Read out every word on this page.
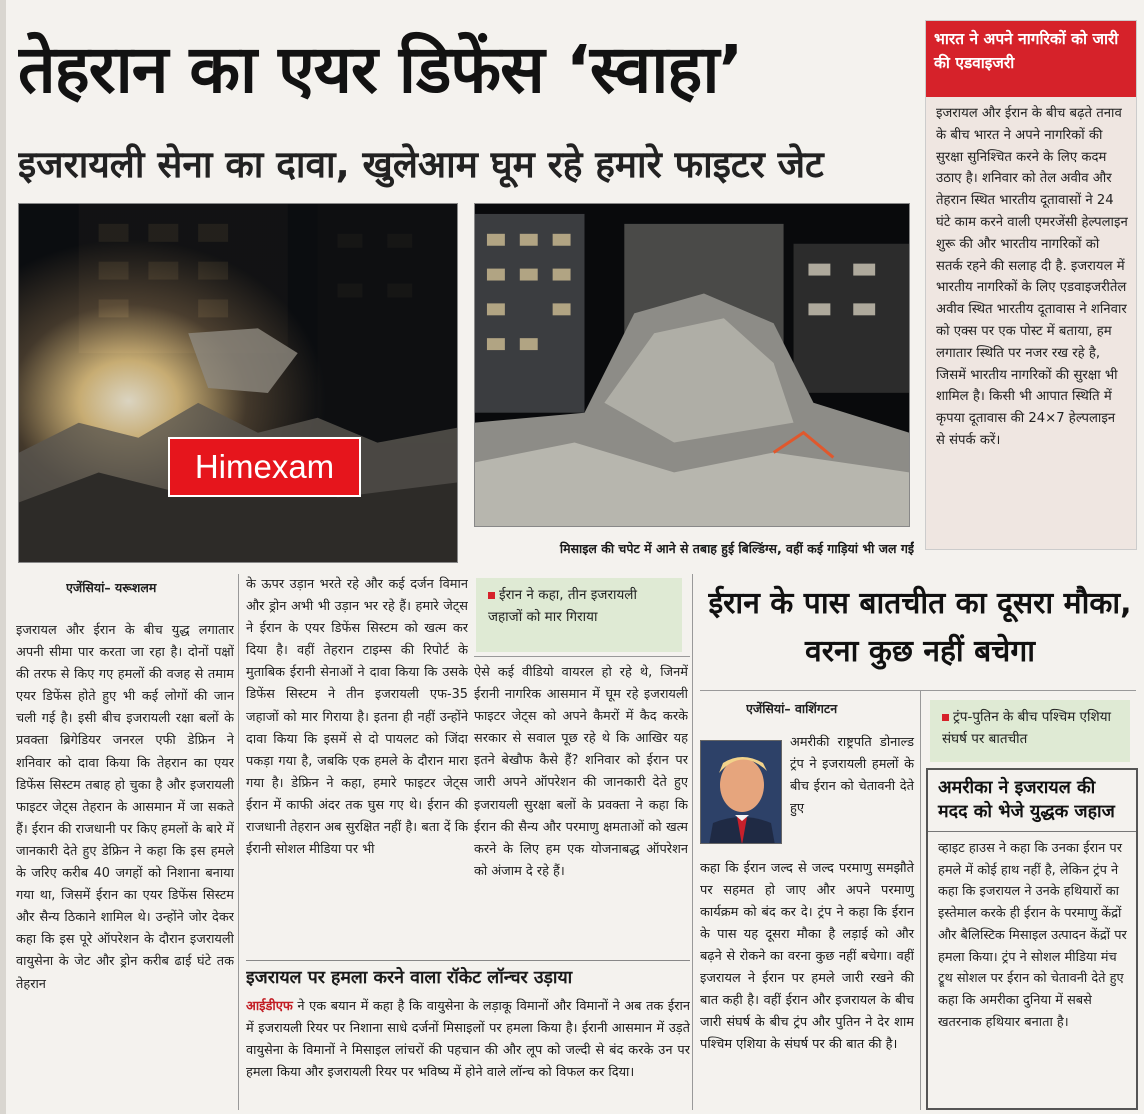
तेहरान का एयर डिफेंस ‘स्वाहा’
इजरायली सेना का दावा, खुलेआम घूम रहे हमारे फाइटर जेट
Himexam
मिसाइल की चपेट में आने से तबाह हुई बिल्डिंग्स, वहीं कई गाड़ियां भी जल गईं
भारत ने अपने नागरिकों को जारी की एडवाइजरी
इजरायल और ईरान के बीच बढ़ते तनाव के बीच भारत ने अपने नागरिकों की सुरक्षा सुनिश्चित करने के लिए कदम उठाए है। शनिवार को तेल अवीव और तेहरान स्थित भारतीय दूतावासों ने 24 घंटे काम करने वाली एमरजेंसी हेल्पलाइन शुरू की और भारतीय नागरिकों को सतर्क रहने की सलाह दी है. इजरायल में भारतीय नागरिकों के लिए एडवाइजरीतेल अवीव स्थित भारतीय दूतावास ने शनिवार को एक्स पर एक पोस्ट में बताया, हम लगातार स्थिति पर नजर रख रहे है, जिसमें भारतीय नागरिकों की सुरक्षा भी शामिल है। किसी भी आपात स्थिति में कृपया दूतावास की 24×7 हेल्पलाइन से संपर्क करें।
एजेंसियां– यरूशलम
इजरायल और ईरान के बीच युद्ध लगातार अपनी सीमा पार करता जा रहा है। दोनों पक्षों की तरफ से किए गए हमलों की वजह से तमाम एयर डिफेंस होते हुए भी कई लोगों की जान चली गई है। इसी बीच इजरायली रक्षा बलों के प्रवक्ता ब्रिगेडियर जनरल एफी डेफ्रिन ने शनिवार को दावा किया कि तेहरान का एयर डिफेंस सिस्टम तबाह हो चुका है और इजरायली फाइटर जेट्स तेहरान के आसमान में जा सकते हैं। ईरान की राजधानी पर किए हमलों के बारे में जानकारी देते हुए डेफ्रिन ने कहा कि इस हमले के जरिए करीब 40 जगहों को निशाना बनाया गया था, जिसमें ईरान का एयर डिफेंस सिस्टम और सैन्य ठिकाने शामिल थे। उन्होंने जोर देकर कहा कि इस पूरे ऑपरेशन के दौरान इजरायली वायुसेना के जेट और ड्रोन करीब ढाई घंटे तक तेहरान
के ऊपर उड़ान भरते रहे और कई दर्जन विमान और ड्रोन अभी भी उड़ान भर रहे हैं। हमारे जेट्स ने ईरान के एयर डिफेंस सिस्टम को खत्म कर दिया है। वहीं तेहरान टाइम्स की रिपोर्ट के मुताबिक ईरानी सेनाओं ने दावा किया कि उसके डिफेंस सिस्टम ने तीन इजरायली एफ-35 जहाजों को मार गिराया है। इतना ही नहीं उन्होंने दावा किया कि इसमें से दो पायलट को जिंदा पकड़ा गया है, जबकि एक हमले के दौरान मारा गया है। डेफ्रिन ने कहा, हमारे फाइटर जेट्स ईरान में काफी अंदर तक घुस गए थे। ईरान की राजधानी तेहरान अब सुरक्षित नहीं है। बता दें कि ईरानी सोशल मीडिया पर भी
ईरान ने कहा, तीन इजरायली जहाजों को मार गिराया
ऐसे कई वीडियो वायरल हो रहे थे, जिनमें ईरानी नागरिक आसमान में घूम रहे इजरायली फाइटर जेट्स को अपने कैमरों में कैद करके सरकार से सवाल पूछ रहे थे कि आखिर यह इतने बेखौफ कैसे हैं? शनिवार को ईरान पर जारी अपने ऑपरेशन की जानकारी देते हुए इजरायली सुरक्षा बलों के प्रवक्ता ने कहा कि ईरान की सैन्य और परमाणु क्षमताओं को खत्म करने के लिए हम एक योजनाबद्ध ऑपरेशन को अंजाम दे रहे हैं।
इजरायल पर हमला करने वाला रॉकेट लॉन्चर उड़ाया
आईडीएफ ने एक बयान में कहा है कि वायुसेना के लड़ाकू विमानों और विमानों ने अब तक ईरान में इजरायली रियर पर निशाना साधे दर्जनों मिसाइलों पर हमला किया है। ईरानी आसमान में उड़ते वायुसेना के विमानों ने मिसाइल लांचरों की पहचान की और लूप को जल्दी से बंद करके उन पर हमला किया और इजरायली रियर पर भविष्य में होने वाले लॉन्च को विफल कर दिया।
ईरान के पास बातचीत का दूसरा मौका, वरना कुछ नहीं बचेगा
एजेंसियां– वाशिंगटन
अमरीकी राष्ट्रपति डोनाल्ड ट्रंप ने इजरायली हमलों के बीच ईरान को चेतावनी देते हुए
कहा कि ईरान जल्द से जल्द परमाणु समझौते पर सहमत हो जाए और अपने परमाणु कार्यक्रम को बंद कर दे। ट्रंप ने कहा कि ईरान के पास यह दूसरा मौका है लड़ाई को और बढ़ने से रोकने का वरना कुछ नहीं बचेगा। वहीं इजरायल ने ईरान पर हमले जारी रखने की बात कही है। वहीं ईरान और इजरायल के बीच जारी संघर्ष के बीच ट्रंप और पुतिन ने देर शाम पश्चिम एशिया के संघर्ष पर की बात की है।
ट्रंप-पुतिन के बीच पश्चिम एशिया संघर्ष पर बातचीत
अमरीका ने इजरायल की मदद को भेजे युद्धक जहाज
व्हाइट हाउस ने कहा कि उनका ईरान पर हमले में कोई हाथ नहीं है, लेकिन ट्रंप ने कहा कि इजरायल ने उनके हथियारों का इस्तेमाल करके ही ईरान के परमाणु केंद्रों और बैलिस्टिक मिसाइल उत्पादन केंद्रों पर हमला किया। ट्रंप ने सोशल मीडिया मंच ट्रूथ सोशल पर ईरान को चेतावनी देते हुए कहा कि अमरीका दुनिया में सबसे खतरनाक हथियार बनाता है।
